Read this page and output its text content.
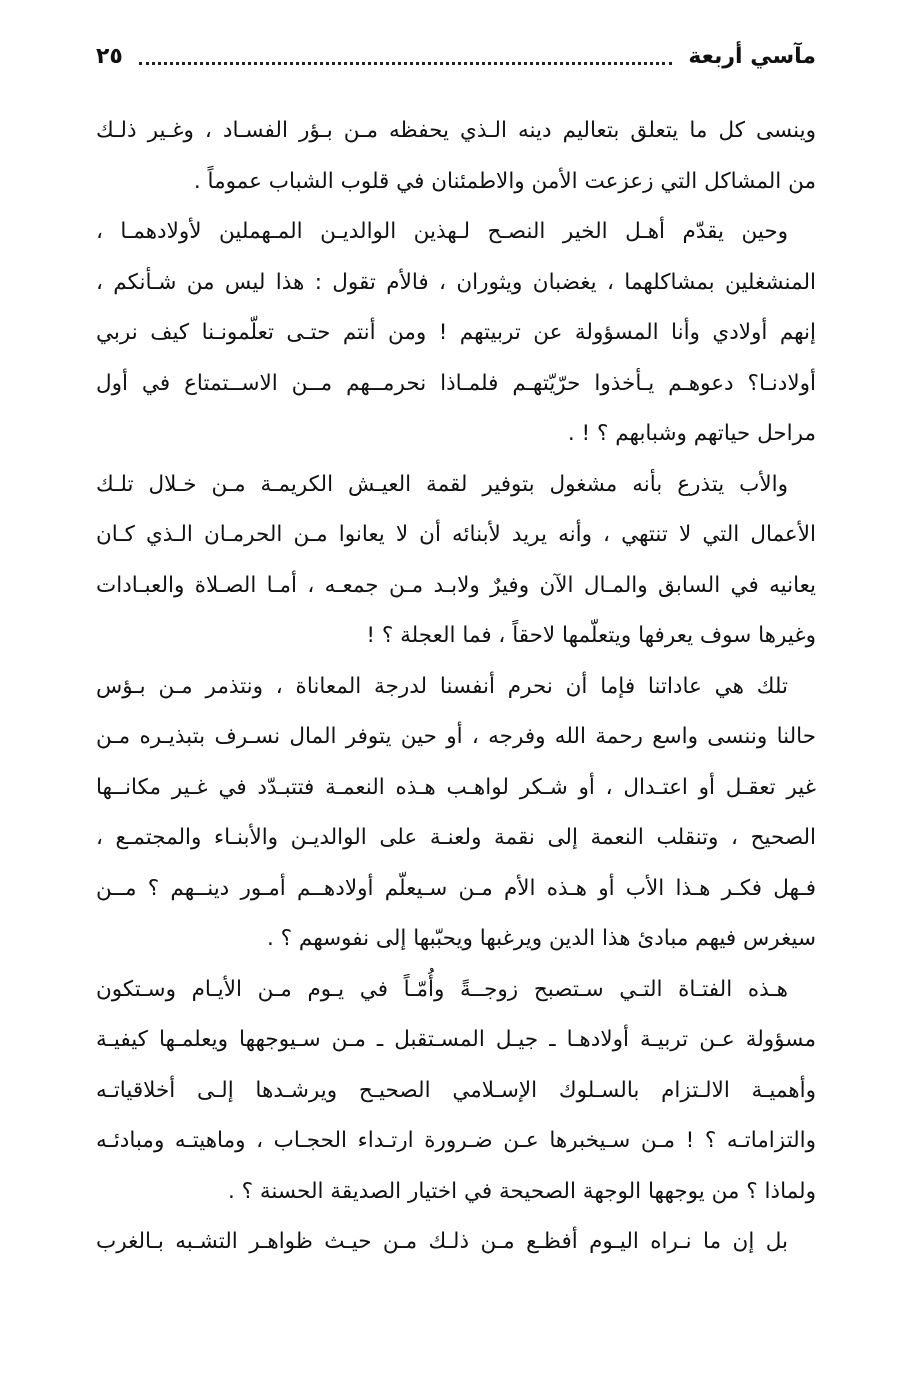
مآسي أربعة
٢٥

وينسى كل ما يتعلق بتعاليم دينه الـذي يحفظه مـن بـؤر الفسـاد ، وغـير ذلـك
من المشاكل التي زعزعت الأمن والاطمئنان في قلوب الشباب عموماً .

وحين يقدّم أهـل الخير النصـح لـهذين الوالديـن المـهملين لأولادهمـا ،
المنشغلين بمشاكلهما ، يغضبان ويثوران ، فالأم تقول : هذا ليس من شـأنكم ،
إنهم أولادي وأنا المسؤولة عن تربيتهم ! ومن أنتم حتـى تعلّمونـنا كيف نربي
أولادنـا؟ دعوهـم يـأخذوا حرّيّتهـم فلمـاذا نحرمــهم مــن الاســتمتاع في أول
مراحل حياتهم وشبابهم ؟ ! .

والأب يتذرع بأنه مشغول بتوفير لقمة العيـش الكريمـة مـن خـلال تلـك
الأعمال التي لا تنتهي ، وأنه يريد لأبنائه أن لا يعانوا مـن الحرمـان الـذي كـان
يعانيه في السابق والمـال الآن وفيرٌ ولابـد مـن جمعـه ، أمـا الصـلاة والعبـادات
وغيرها سوف يعرفها ويتعلّمها لاحقاً ، فما العجلة ؟ !

تلك هي عاداتنا فإما أن نحرم أنفسنا لدرجة المعاناة ، ونتذمر مـن بـؤس
حالنا وننسى واسع رحمة الله وفرجه ، أو حين يتوفر المال نسـرف بتبذيـره مـن
غير تعقـل أو اعتـدال ، أو شـكر لواهـب هـذه النعمـة فتتبـدّد في غـير مكانــها
الصحيح ، وتنقلب النعمة إلى نقمة ولعنـة على الوالديـن والأبنـاء والمجتمـع ،
فـهل فكـر هـذا الأب أو هـذه الأم مـن سـيعلّم أولادهــم أمـور دينــهم ؟ مــن
سيغرس فيهم مبادئ هذا الدين ويرغبها ويحبّبها إلى نفوسهم ؟ .

هـذه الفتـاة التـي سـتصبح زوجــةً وأُمّـاً في يـوم مـن الأيـام وسـتكون
مسؤولة عـن تربيـة أولادهـا ـ جيـل المسـتقبل ـ مـن سـيوجهها ويعلمـها كيفيـة
وأهميـة الالـتزام بالسـلوك الإسـلامي الصحيـح ويرشـدها إلـى أخلاقياتـه
والتزاماتـه ؟ ! مـن سـيخبرها عـن ضـرورة ارتـداء الحجـاب ، وماهيتـه ومبادئـه
ولماذا ؟ من يوجهها الوجهة الصحيحة في اختيار الصديقة الحسنة ؟ .

بل إن ما نـراه اليـوم أفظـع مـن ذلـك مـن حيـث ظواهـر التشـبه بـالغرب
